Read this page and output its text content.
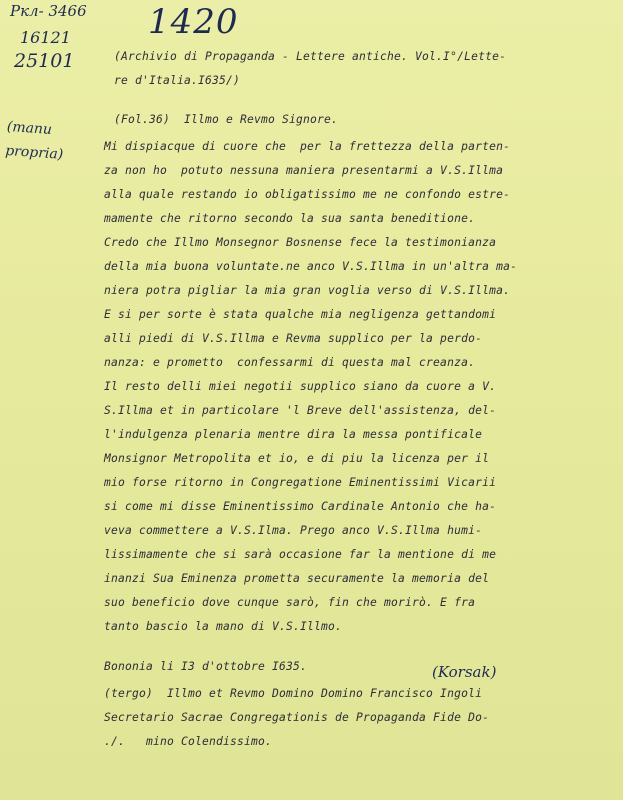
Pкл- 3466
16121
25101
1420
(Archivio di Propaganda - Lettere antiche. Vol.I°/Lette-
re d'Italia.I635/)
(Fol.36)  Illmo e Revmo Signore.
(manu propria)	Mi dispiacque di cuore che  per la frettezza della parten-
za non ho  potuto nessuna maniera presentarmi a V.S.Illma
alla quale restando io obligatissimo me ne confondo estre-
mamente che ritorno secondo la sua santa beneditione.
Credo che Illmo Monsegnor Bosnense fece la testimonianza
della mia buona voluntate.ne anco V.S.Illma in un'altra ma-
niera potra pigliar la mia gran voglia verso di V.S.Illma.
E si per sorte è stata qualche mia negligenza gettandomi
alli piedi di V.S.Illma e Revma supplico per la perdo-
nanza: e prometto  confessarmi di questa mal creanza.
Il resto delli miei negotii supplico siano da cuore a V.
S.Illma et in particolare 'l Breve dell'assistenza, del-
l'indulgenza plenaria mentre dira la messa pontificale
Monsignor Metropolita et io, e di piu la licenza per il
mio forse ritorno in Congregatione Eminentissimi Vicarii
si come mi disse Eminentissimo Cardinale Antonio che ha-
veva commettere a V.S.Ilma. Prego anco V.S.Illma humi-
lissimamente che si sarà occasione far la mentione di me
inanzi Sua Eminenza prometta securamente la memoria del
suo beneficio dove cunque sarò, fin che morirò. E fra
tanto bascio la mano di V.S.Illmo.
Bononia li I3 d'ottobre I635.	(Korsak)
(tergo)  Illmo et Revmo Domino Domino Francisco Ingoli
Secretario Sacrae Congregationis de Propaganda Fide Do-
./.   mino Colendissimo.
